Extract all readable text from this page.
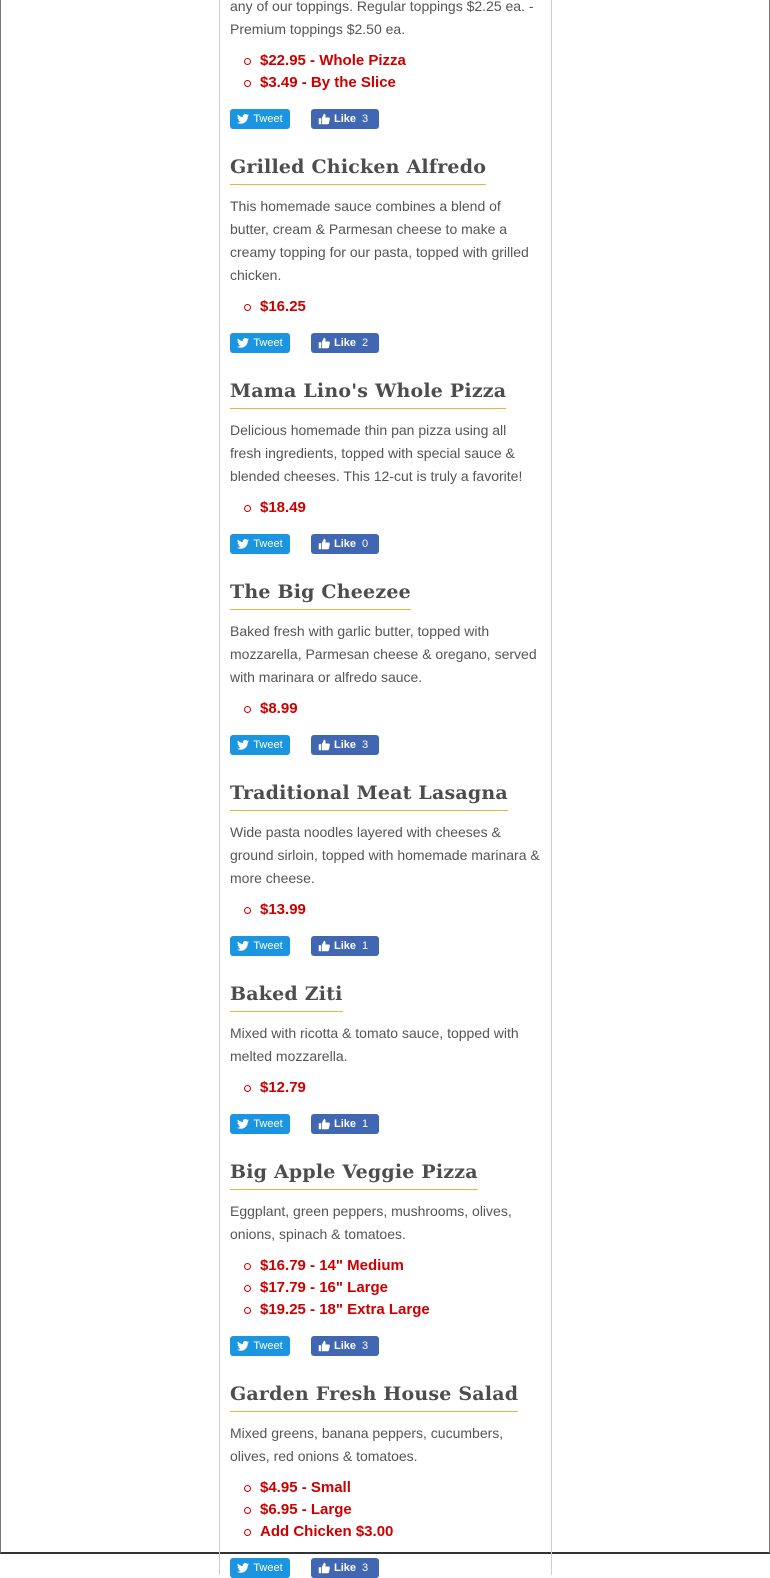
any of our toppings. Regular toppings $2.25 ea. - Premium toppings $2.50 ea.

$22.95 - Whole Pizza
$3.49 - By the Slice
Tweet	Like 3
Grilled Chicken Alfredo

This homemade sauce combines a blend of butter, cream & Parmesan cheese to make a creamy topping for our pasta, topped with grilled chicken.

$16.25
Tweet	Like 2
Mama Lino's Whole Pizza

Delicious homemade thin pan pizza using all fresh ingredients, topped with special sauce & blended cheeses. This 12-cut is truly a favorite!

$18.49
Tweet	Like 0
The Big Cheezee

Baked fresh with garlic butter, topped with mozzarella, Parmesan cheese & oregano, served with marinara or alfredo sauce.

$8.99
Tweet	Like 3
Traditional Meat Lasagna

Wide pasta noodles layered with cheeses & ground sirloin, topped with homemade marinara & more cheese.

$13.99
Tweet	Like 1
Baked Ziti

Mixed with ricotta & tomato sauce, topped with melted mozzarella.

$12.79
Tweet	Like 1
Big Apple Veggie Pizza

Eggplant, green peppers, mushrooms, olives, onions, spinach & tomatoes.

$16.79 - 14" Medium
$17.79 - 16" Large
$19.25 - 18" Extra Large
Tweet	Like 3
Garden Fresh House Salad

Mixed greens, banana peppers, cucumbers, olives, red onions & tomatoes.

$4.95 - Small
$6.95 - Large
Add Chicken $3.00
Tweet	Like 3
